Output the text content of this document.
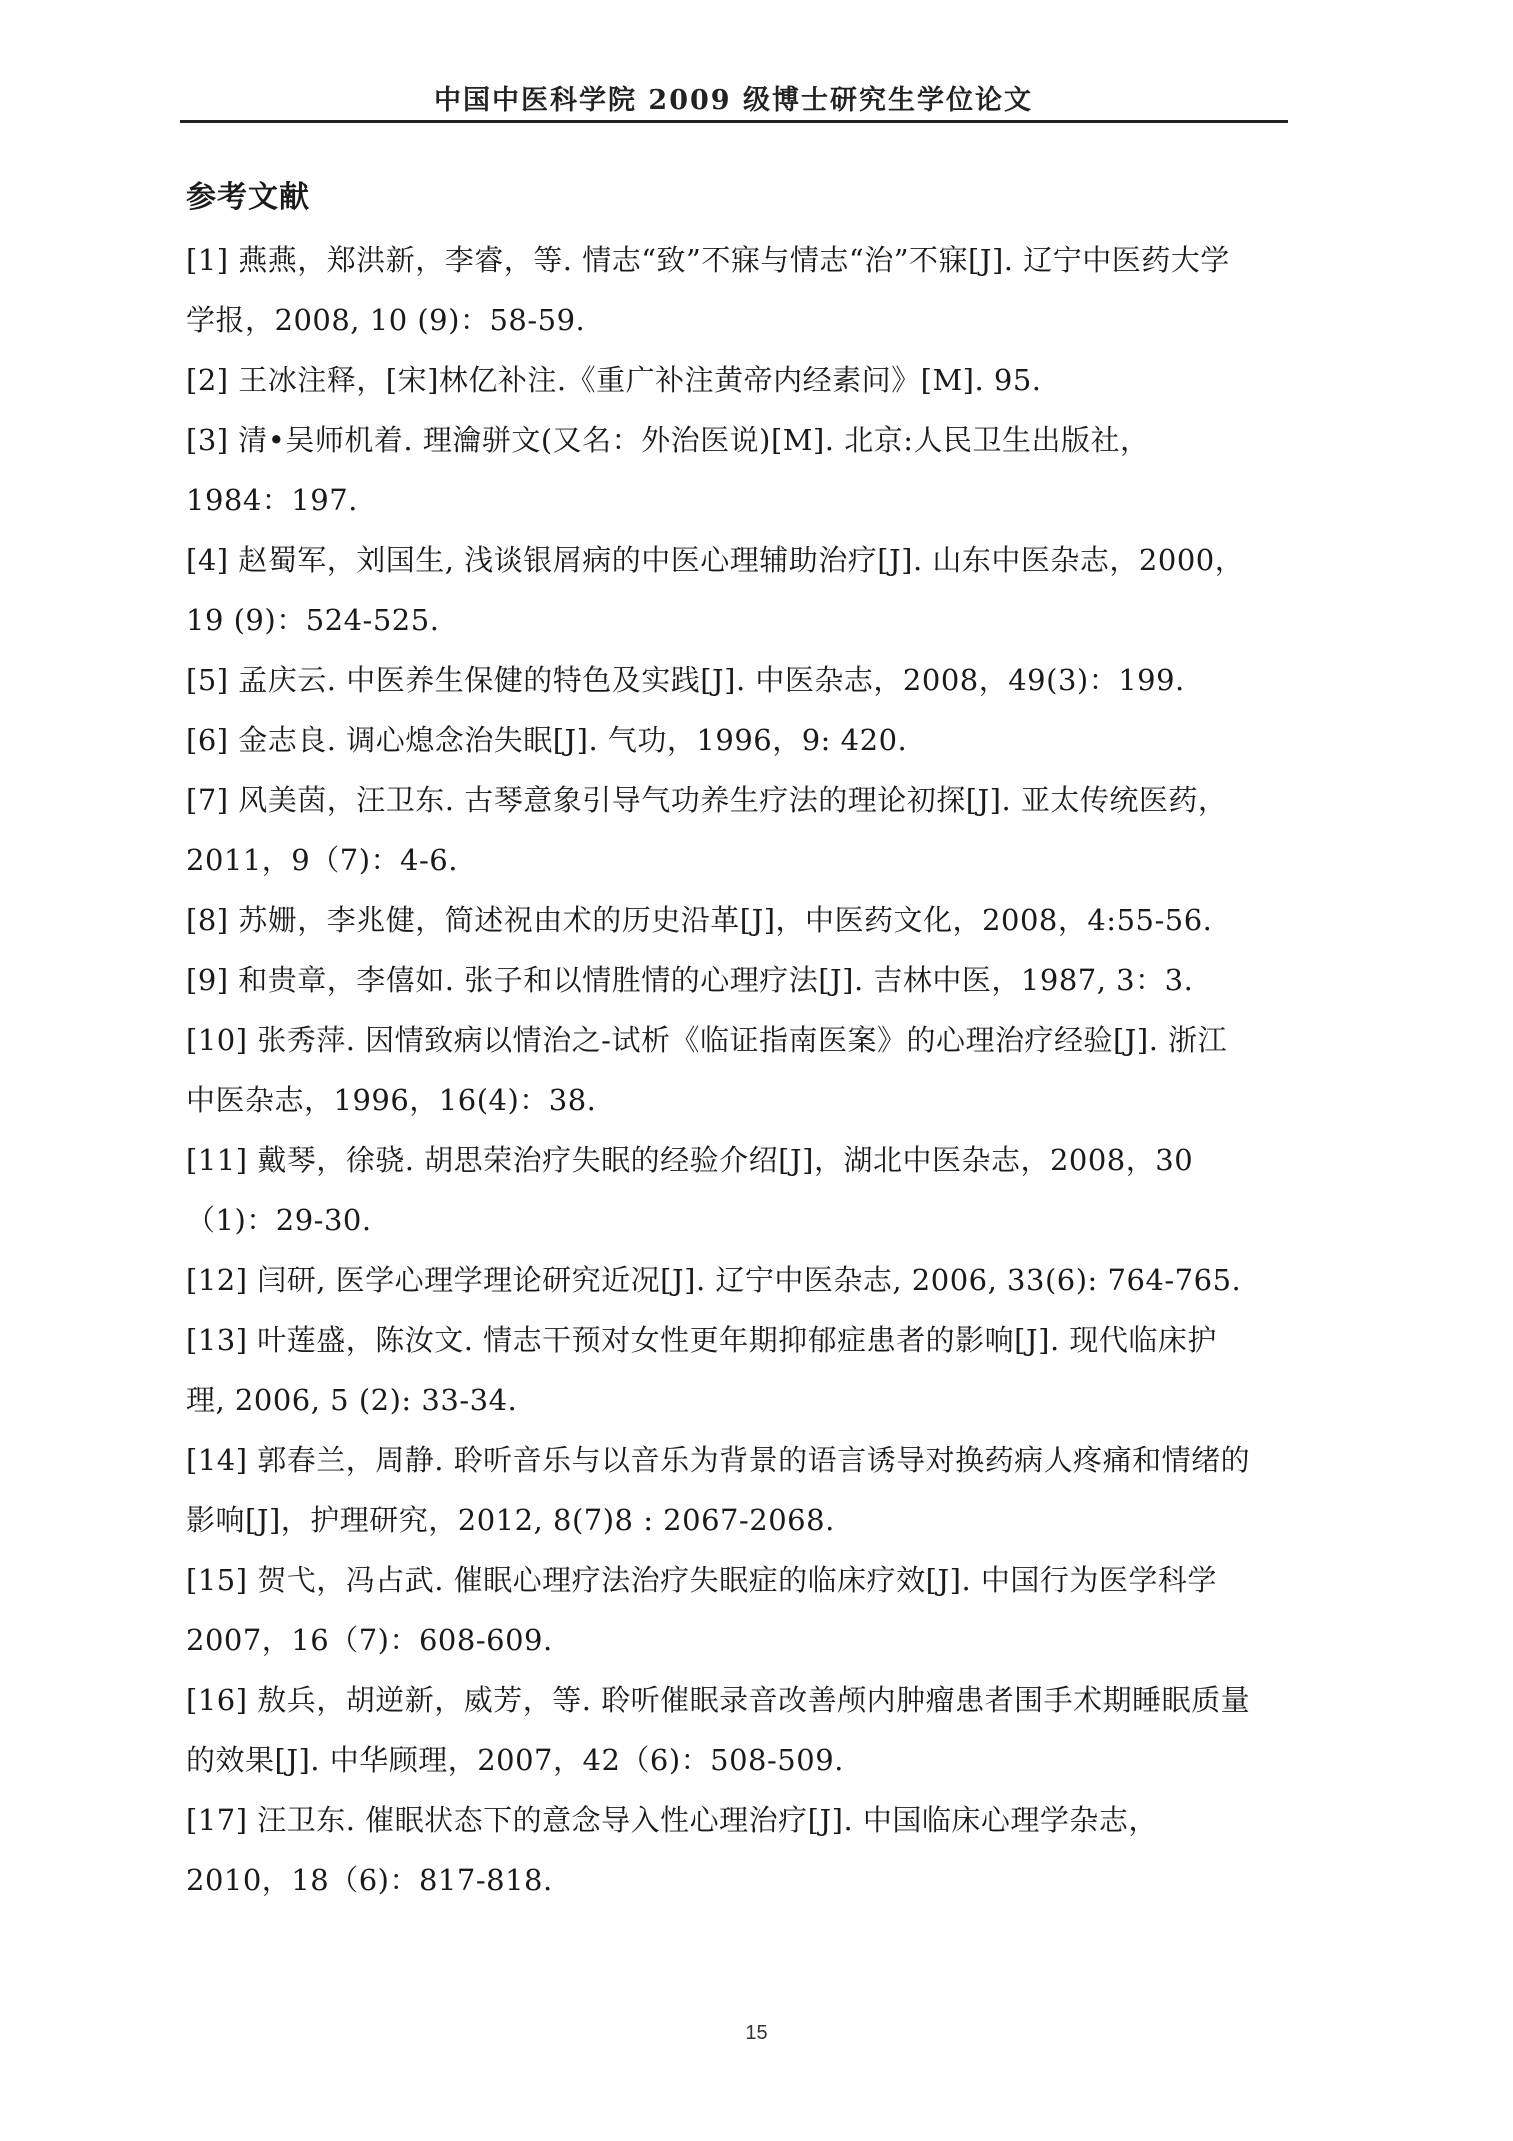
中国中医科学院 2009 级博士研究生学位论文
参考文献
[1] 燕燕，郑洪新，李睿，等. 情志“致”不寐与情志“治”不寐[J]. 辽宁中医药大学学报，2008, 10 (9)：58-59.
[2] 王冰注释，[宋]林亿补注.《重广补注黄帝内经素问》[M]. 95.
[3] 清•吴师机着. 理瀹骈文(又名：外治医说)[M]. 北京:人民卫生出版社，1984：197.
[4] 赵蜀军，刘国生, 浅谈银屑病的中医心理辅助治疗[J]. 山东中医杂志，2000，19 (9)：524-525.
[5] 孟庆云. 中医养生保健的特色及实践[J]. 中医杂志，2008，49(3)：199.
[6] 金志良. 调心熄念治失眠[J]. 气功，1996，9: 420.
[7] 风美茵，汪卫东. 古琴意象引导气功养生疗法的理论初探[J]. 亚太传统医药，2011，9（7)：4-6.
[8] 苏姗，李兆健，简述祝由术的历史沿革[J]，中医药文化，2008，4:55-56.
[9] 和贵章，李僖如. 张子和以情胜情的心理疗法[J]. 吉林中医，1987, 3：3.
[10] 张秀萍. 因情致病以情治之-试析《临证指南医案》的心理治疗经验[J]. 浙江中医杂志，1996，16(4)：38.
[11] 戴琴，徐骁. 胡思荣治疗失眠的经验介绍[J]，湖北中医杂志，2008，30（1)：29-30.
[12] 闫研, 医学心理学理论研究近况[J]. 辽宁中医杂志, 2006, 33(6): 764-765.
[13] 叶莲盛，陈汝文. 情志干预对女性更年期抑郁症患者的影响[J]. 现代临床护理, 2006, 5 (2): 33-34.
[14] 郭春兰，周静. 聆听音乐与以音乐为背景的语言诱导对换药病人疼痛和情绪的影响[J]，护理研究，2012, 8(7)8 : 2067-2068.
[15] 贺弋，冯占武. 催眠心理疗法治疗失眠症的临床疗效[J]. 中国行为医学科学 2007，16（7)：608-609.
[16] 敖兵，胡逆新，威芳，等. 聆听催眠录音改善颅内肿瘤患者围手术期睡眠质量的效果[J]. 中华顾理，2007，42（6)：508-509.
[17] 汪卫东. 催眠状态下的意念导入性心理治疗[J]. 中国临床心理学杂志，2010，18（6)：817-818.
15
